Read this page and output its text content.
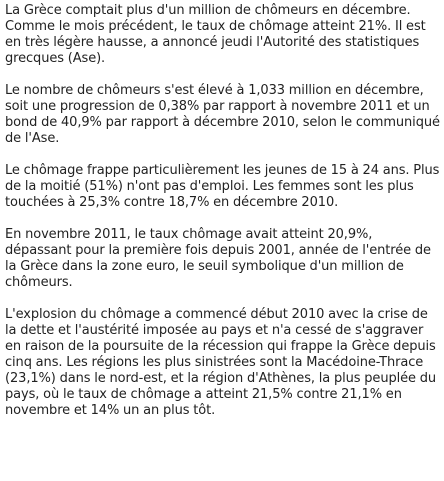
La Grèce comptait plus d'un million de chômeurs en décembre. Comme le mois précédent, le taux de chômage atteint 21%. Il est en très légère hausse, a annoncé jeudi l'Autorité des statistiques grecques (Ase).

Le nombre de chômeurs s'est élevé à 1,033 million en décembre, soit une progression de 0,38% par rapport à novembre 2011 et un bond de 40,9% par rapport à décembre 2010, selon le communiqué de l'Ase.

Le chômage frappe particulièrement les jeunes de 15 à 24 ans. Plus de la moitié (51%) n'ont pas d'emploi. Les femmes sont les plus touchées à 25,3% contre 18,7% en décembre 2010.

En novembre 2011, le taux chômage avait atteint 20,9%, dépassant pour la première fois depuis 2001, année de l'entrée de la Grèce dans la zone euro, le seuil symbolique d'un million de chômeurs.

L'explosion du chômage a commencé début 2010 avec la crise de la dette et l'austérité imposée au pays et n'a cessé de s'aggraver en raison de la poursuite de la récession qui frappe la Grèce depuis cinq ans. Les régions les plus sinistrées sont la Macédoine-Thrace (23,1%) dans le nord-est, et la région d'Athènes, la plus peuplée du pays, où le taux de chômage a atteint 21,5% contre 21,1% en novembre et 14% un an plus tôt.
